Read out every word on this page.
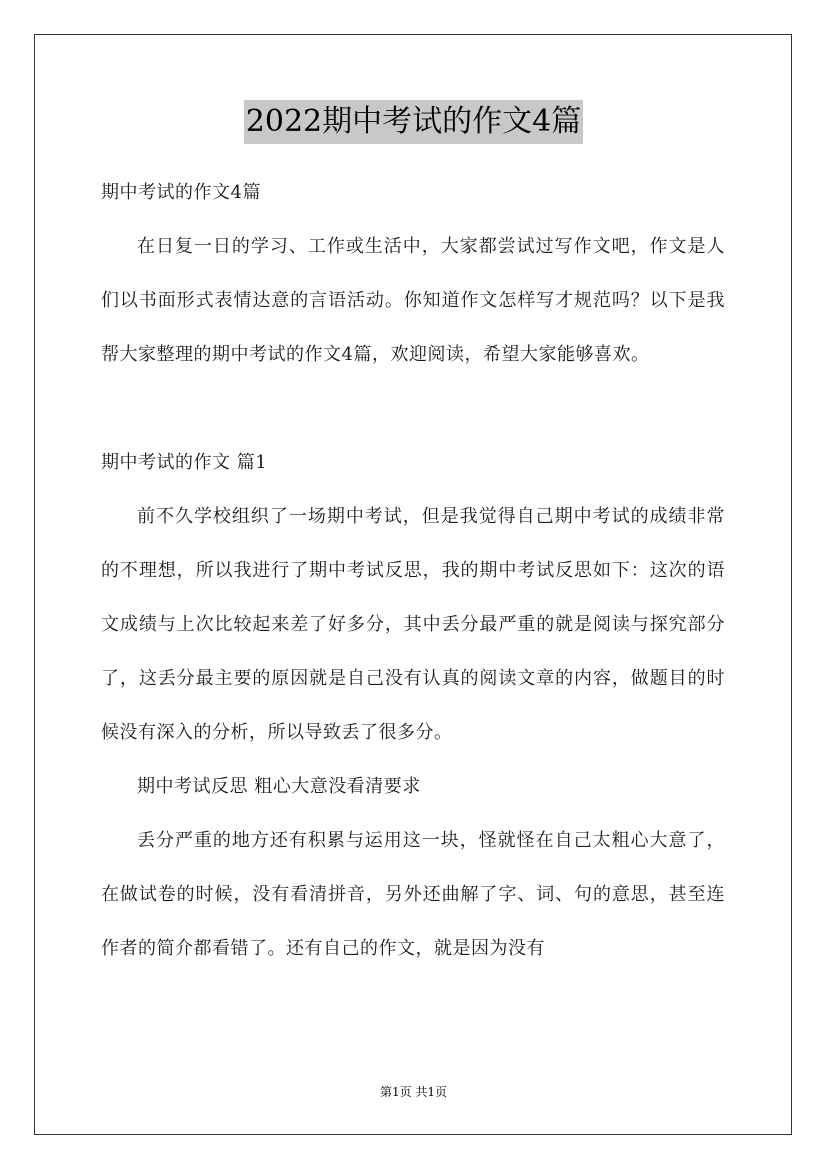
2022期中考试的作文4篇

期中考试的作文4篇

在日复一日的学习、工作或生活中，大家都尝试过写作文吧，作文是人们以书面形式表情达意的言语活动。你知道作文怎样写才规范吗？以下是我帮大家整理的期中考试的作文4篇，欢迎阅读，希望大家能够喜欢。

期中考试的作文 篇1

前不久学校组织了一场期中考试，但是我觉得自己期中考试的成绩非常的不理想，所以我进行了期中考试反思，我的期中考试反思如下：这次的语文成绩与上次比较起来差了好多分，其中丢分最严重的就是阅读与探究部分了，这丢分最主要的原因就是自己没有认真的阅读文章的内容，做题目的时候没有深入的分析，所以导致丢了很多分。

期中考试反思 粗心大意没看清要求

丢分严重的地方还有积累与运用这一块，怪就怪在自己太粗心大意了，在做试卷的时候，没有看清拼音，另外还曲解了字、词、句的意思，甚至连作者的简介都看错了。还有自己的作文，就是因为没有

第1页 共1页
